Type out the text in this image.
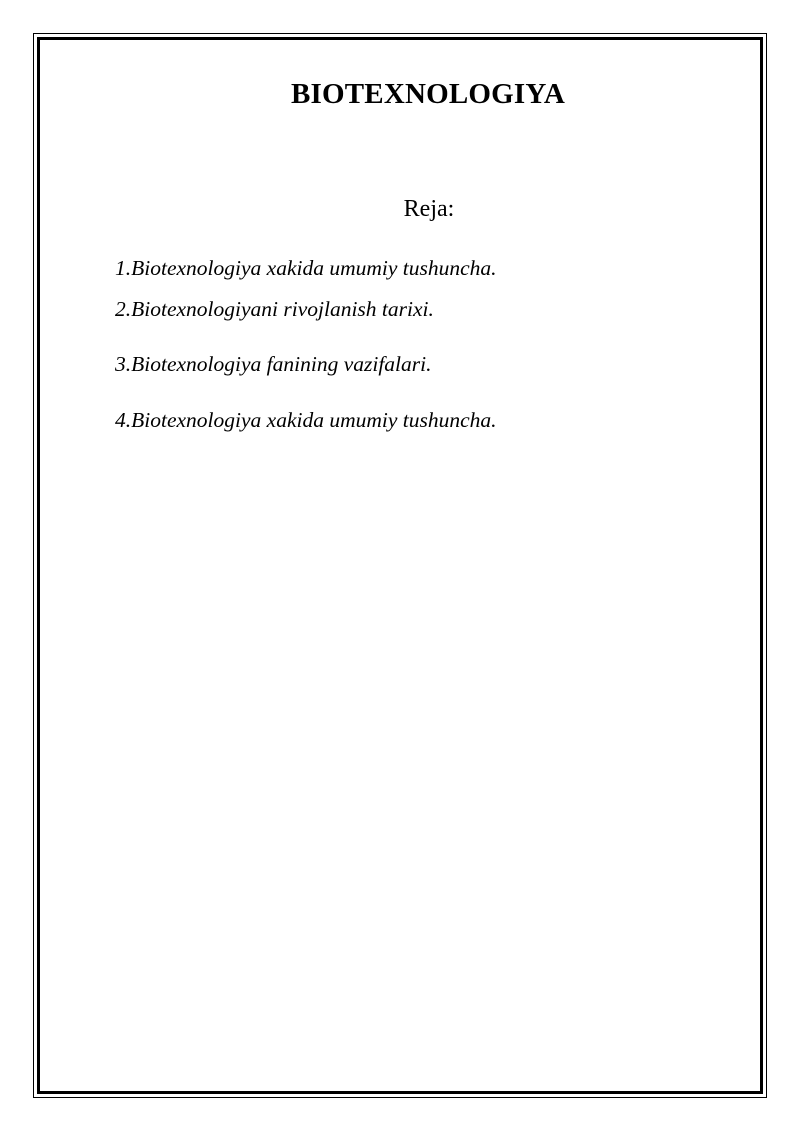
BIOTEXNOLOGIYA
Reja:
1.Biotexnologiya xakida umumiy tushuncha.
2.Biotexnologiyani rivojlanish tarixi.
3.Biotexnologiya fanining vazifalari.
4.Biotexnologiya xakida umumiy tushuncha.
